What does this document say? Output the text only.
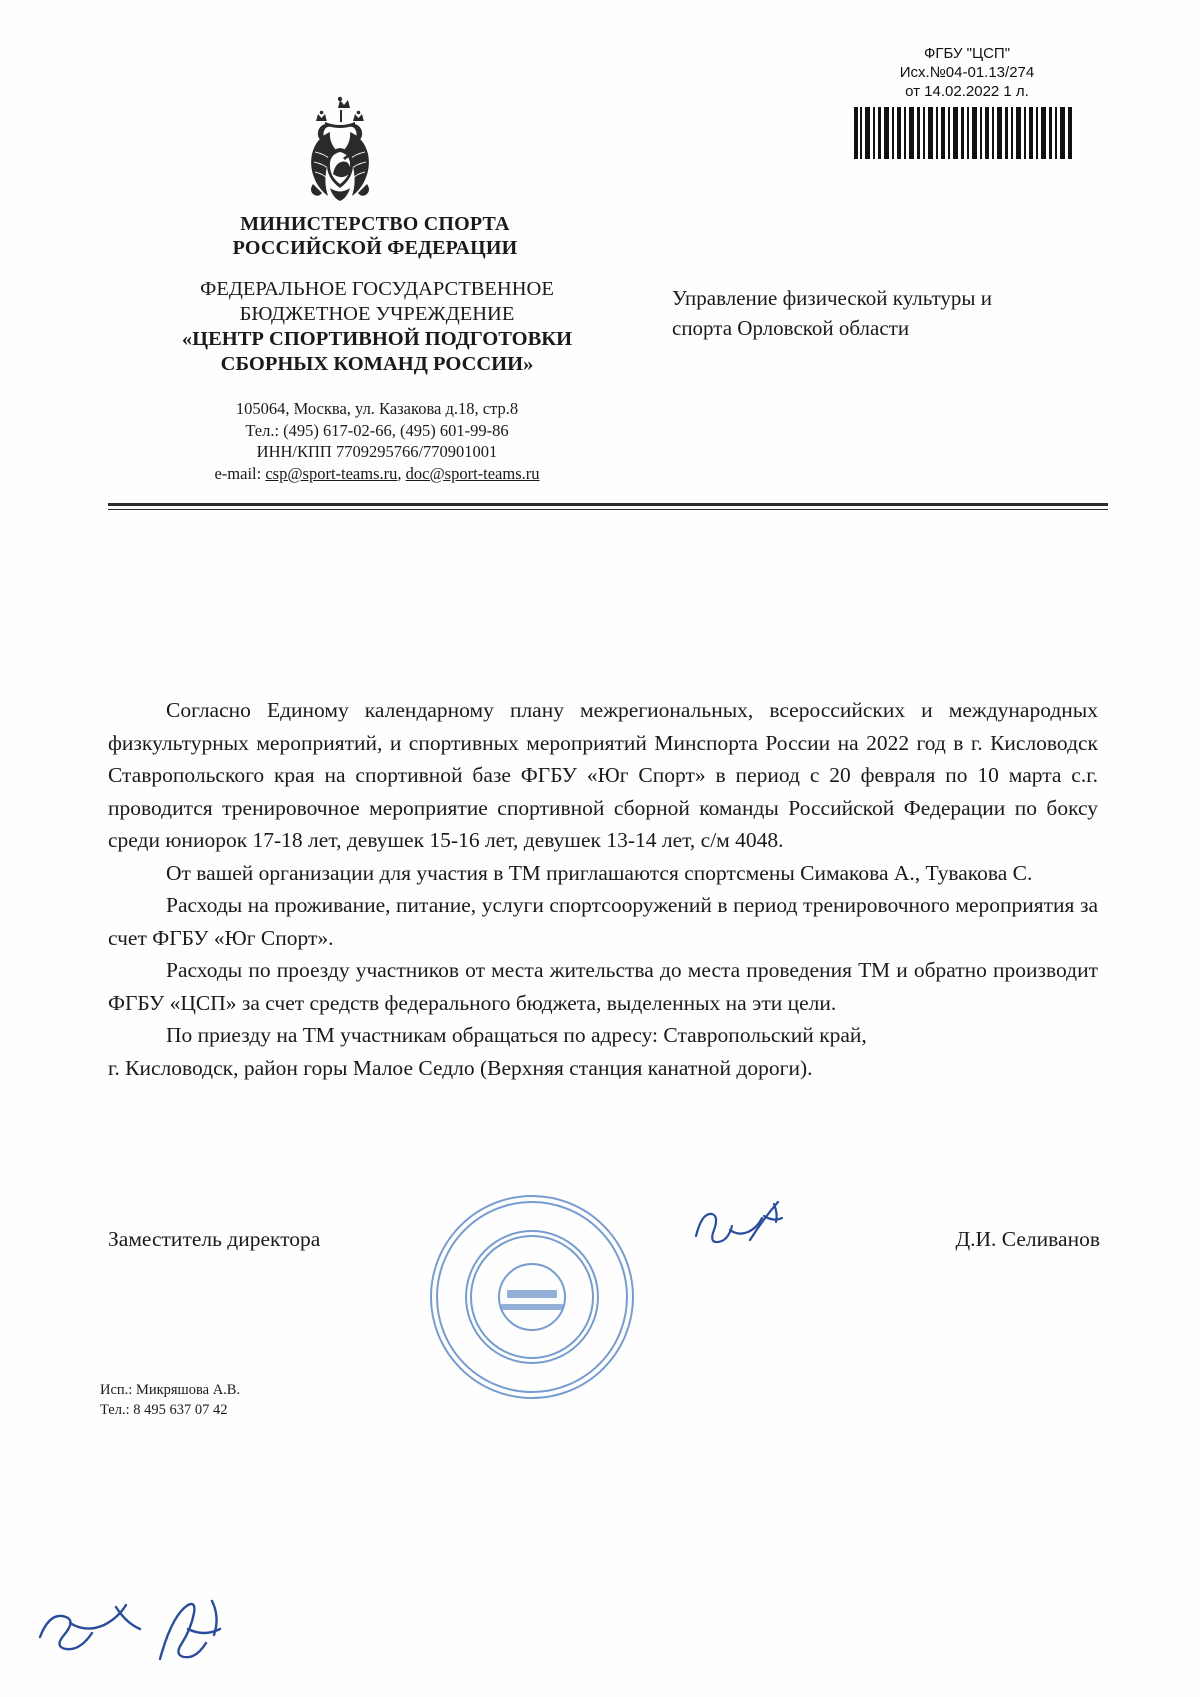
ФГБУ "ЦСП"
Исх.№04-01.13/274
от 14.02.2022 1 л.
МИНИСТЕРСТВО СПОРТА
РОССИЙСКОЙ ФЕДЕРАЦИИ
ФЕДЕРАЛЬНОЕ ГОСУДАРСТВЕННОЕ
БЮДЖЕТНОЕ УЧРЕЖДЕНИЕ
«ЦЕНТР СПОРТИВНОЙ ПОДГОТОВКИ
СБОРНЫХ КОМАНД РОССИИ»
105064, Москва, ул. Казакова д.18, стр.8
Тел.: (495) 617-02-66, (495) 601-99-86
ИНН/КПП 7709295766/770901001
e-mail: csp@sport-teams.ru, doc@sport-teams.ru
Управление физической культуры и
спорта Орловской области

Согласно Единому календарному плану межрегиональных, всероссийских и международных физкультурных мероприятий, и спортивных мероприятий Минспорта России на 2022 год в г. Кисловодск Ставропольского края на спортивной базе ФГБУ «Юг Спорт» в период с 20 февраля по 10 марта с.г. проводится тренировочное мероприятие спортивной сборной команды Российской Федерации по боксу среди юниорок 17-18 лет, девушек 15-16 лет, девушек 13-14 лет, с/м 4048.

От вашей организации для участия в ТМ приглашаются спортсмены Симакова А., Тувакова С.

Расходы на проживание, питание, услуги спортсооружений в период тренировочного мероприятия за счет ФГБУ «Юг Спорт».

Расходы по проезду участников от места жительства до места проведения ТМ и обратно производит ФГБУ «ЦСП» за счет средств федерального бюджета, выделенных на эти цели.

По приезду на ТМ участникам обращаться по адресу: Ставропольский край,

г. Кисловодск, район горы Малое Седло (Верхняя станция канатной дороги).

Заместитель директора	Д.И. Селиванов
Исп.: Микряшова А.В.
Тел.: 8 495 637 07 42
